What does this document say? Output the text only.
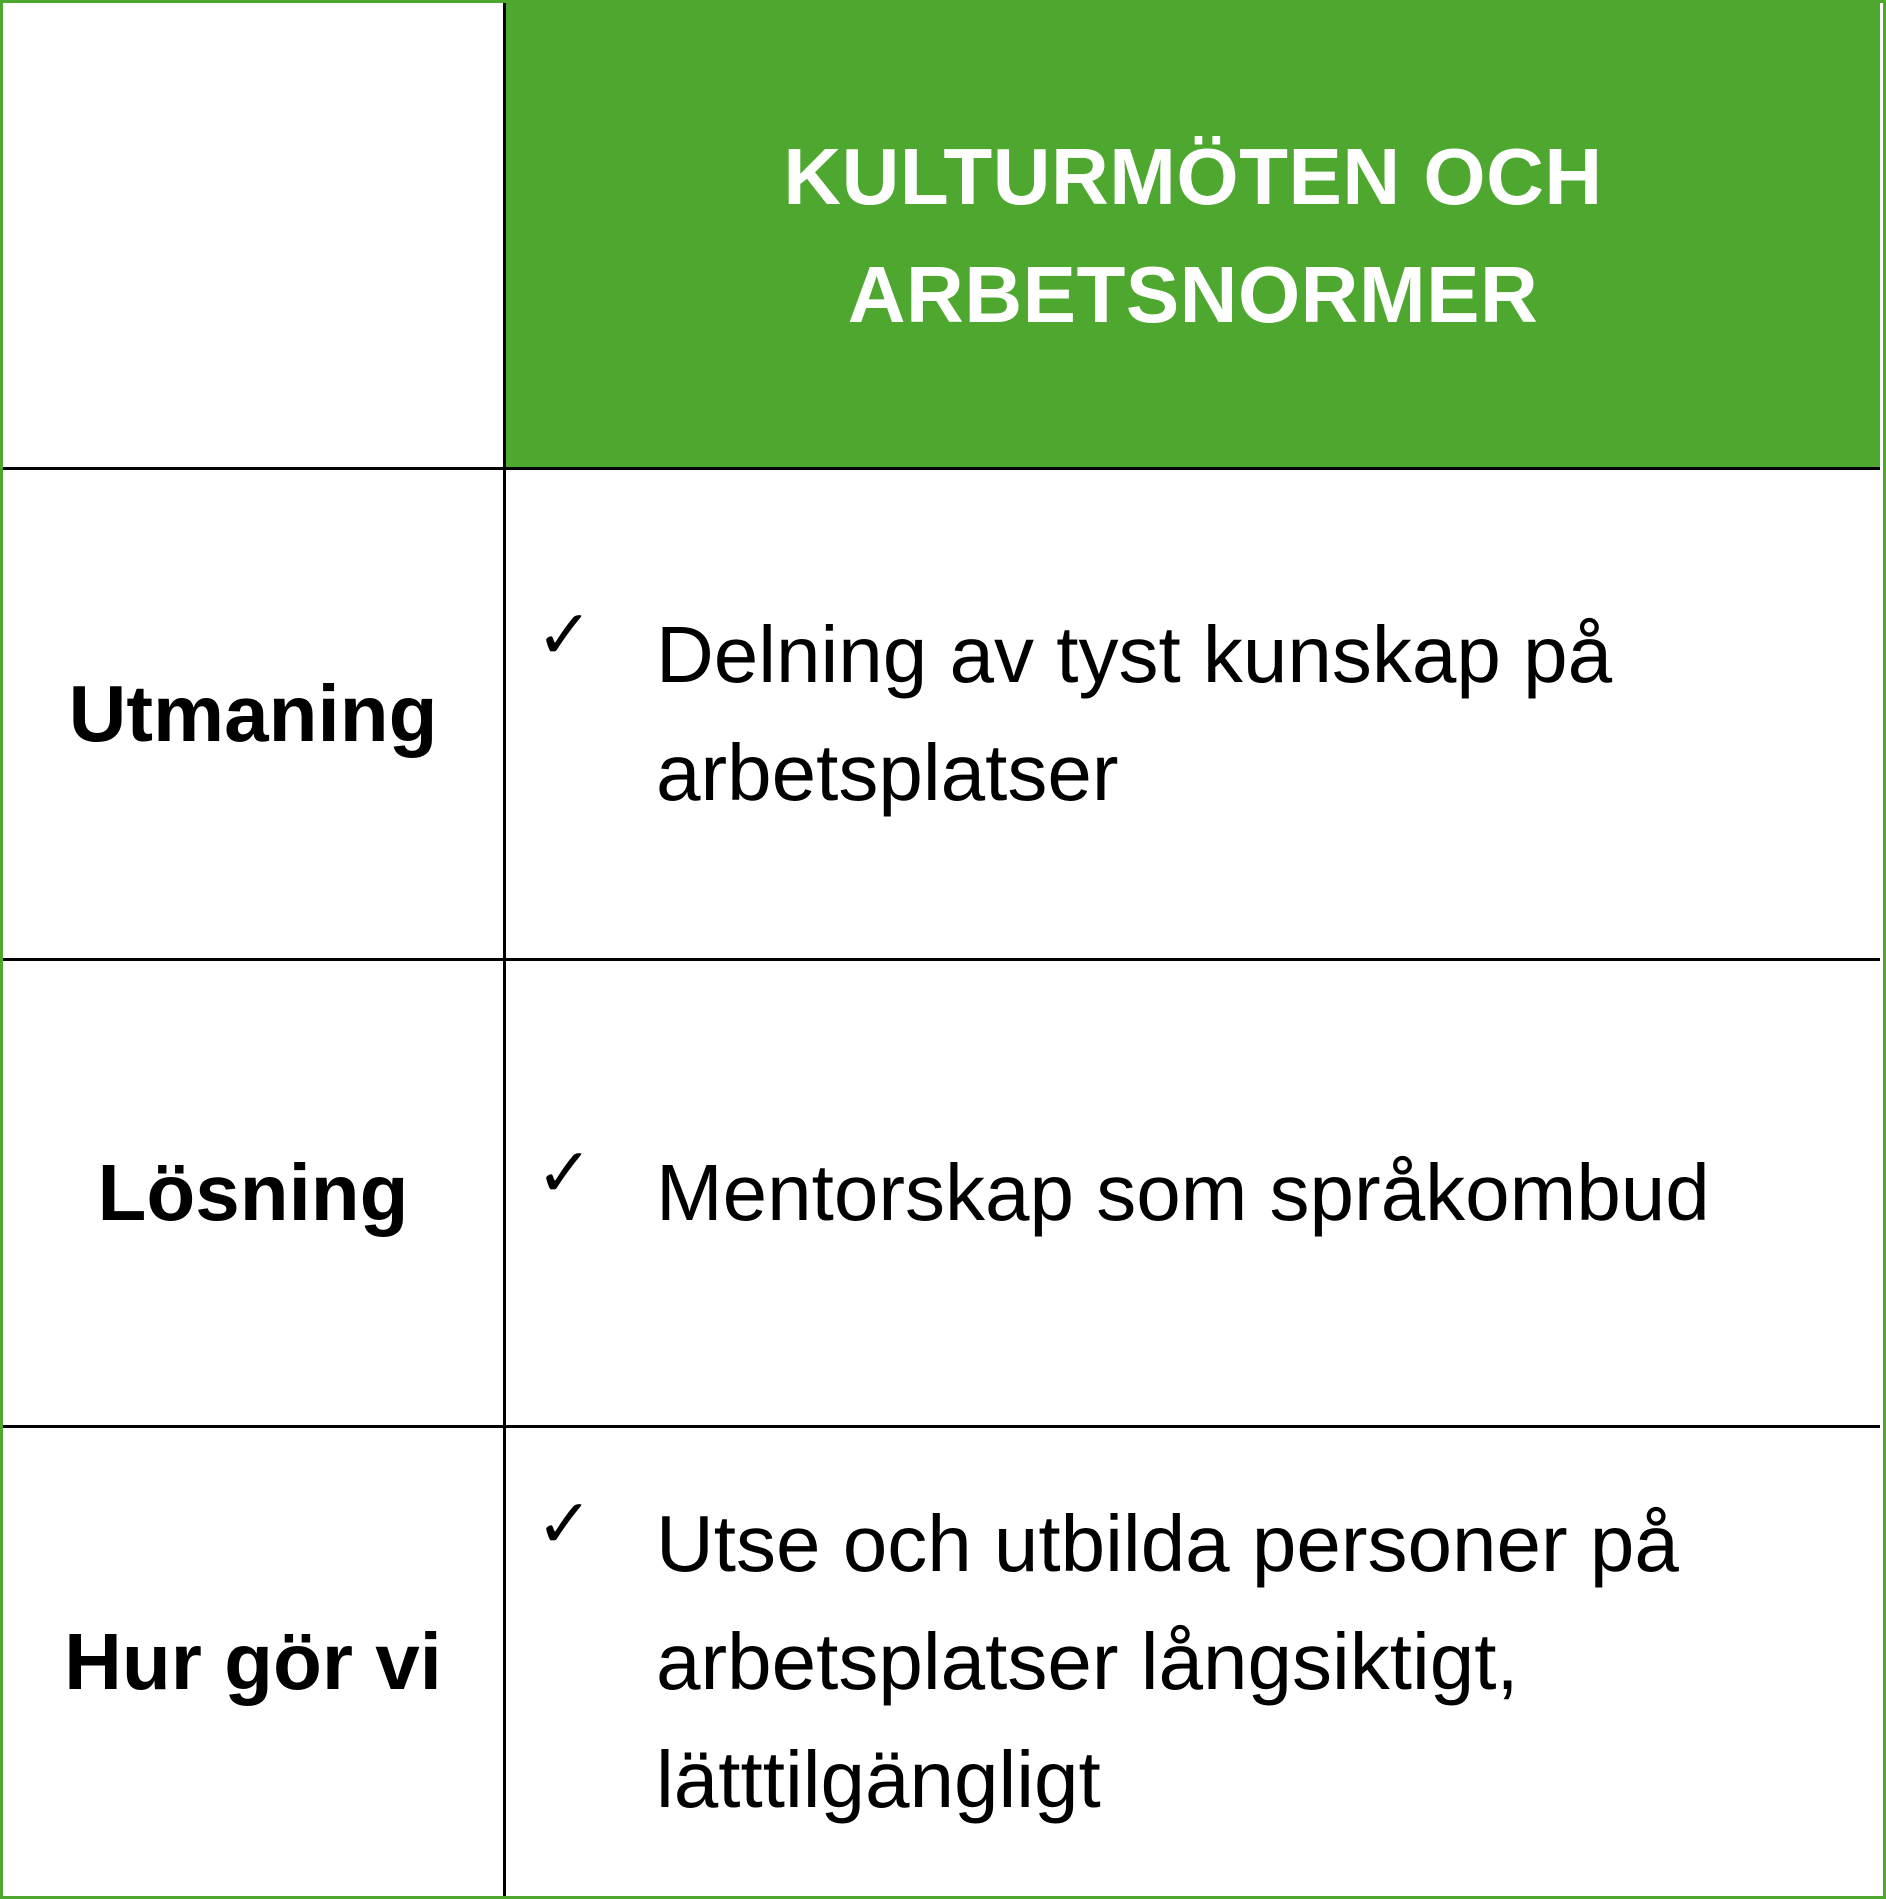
KULTURMÖTEN OCH ARBETSNORMER
Utmaning
✓ Delning av tyst kunskap på arbetsplatser
Lösning	✓ Mentorskap som språkombud
Hur gör vi
✓ Utse och utbilda personer på arbetsplatser långsiktigt, lätttilgängligt
